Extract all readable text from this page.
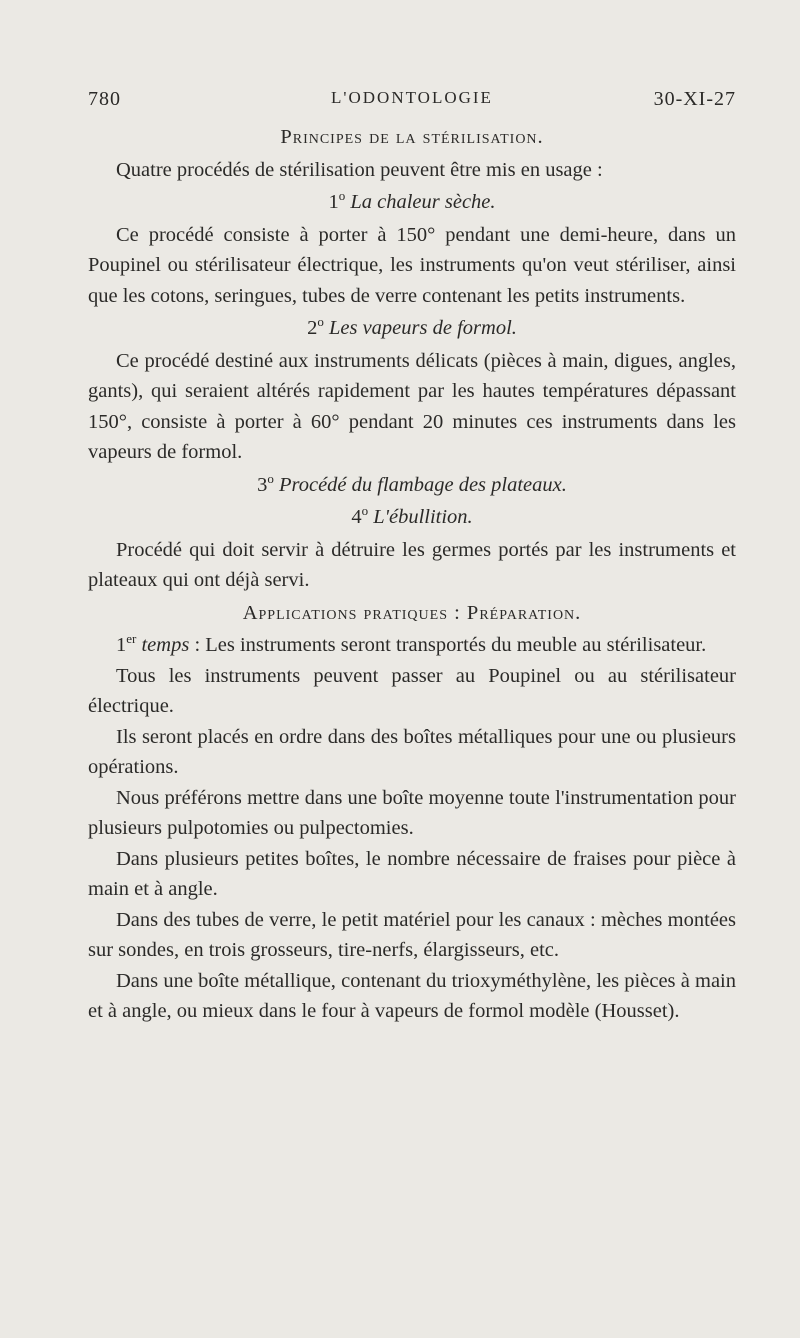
780	L'ODONTOLOGIE	30-XI-27

Principes de la stérilisation.

Quatre procédés de stérilisation peuvent être mis en usage :

1$^o$ La chaleur sèche.

Ce procédé consiste à porter à 150° pendant une demi-heure, dans un Poupinel ou stérilisateur électrique, les instruments qu'on veut stériliser, ainsi que les cotons, seringues, tubes de verre contenant les petits instruments.

2$^o$ Les vapeurs de formol.

Ce procédé destiné aux instruments délicats (pièces à main, digues, angles, gants), qui seraient altérés rapidement par les hautes températures dépassant 150°, consiste à porter à 60° pendant 20 minutes ces instruments dans les vapeurs de formol.

3$^o$ Procédé du flambage des plateaux.

4$^o$ L'ébullition.

Procédé qui doit servir à détruire les germes portés par les instruments et plateaux qui ont déjà servi.

Applications pratiques : Préparation.

1er temps : Les instruments seront transportés du meuble au stérilisateur.

Tous les instruments peuvent passer au Poupinel ou au stérilisateur électrique.

Ils seront placés en ordre dans des boîtes métalliques pour une ou plusieurs opérations.

Nous préférons mettre dans une boîte moyenne toute l'instrumentation pour plusieurs pulpotomies ou pulpectomies.

Dans plusieurs petites boîtes, le nombre nécessaire de fraises pour pièce à main et à angle.

Dans des tubes de verre, le petit matériel pour les canaux : mèches montées sur sondes, en trois grosseurs, tire-nerfs, élargisseurs, etc.

Dans une boîte métallique, contenant du trioxyméthylène, les pièces à main et à angle, ou mieux dans le four à vapeurs de formol modèle (Housset).
